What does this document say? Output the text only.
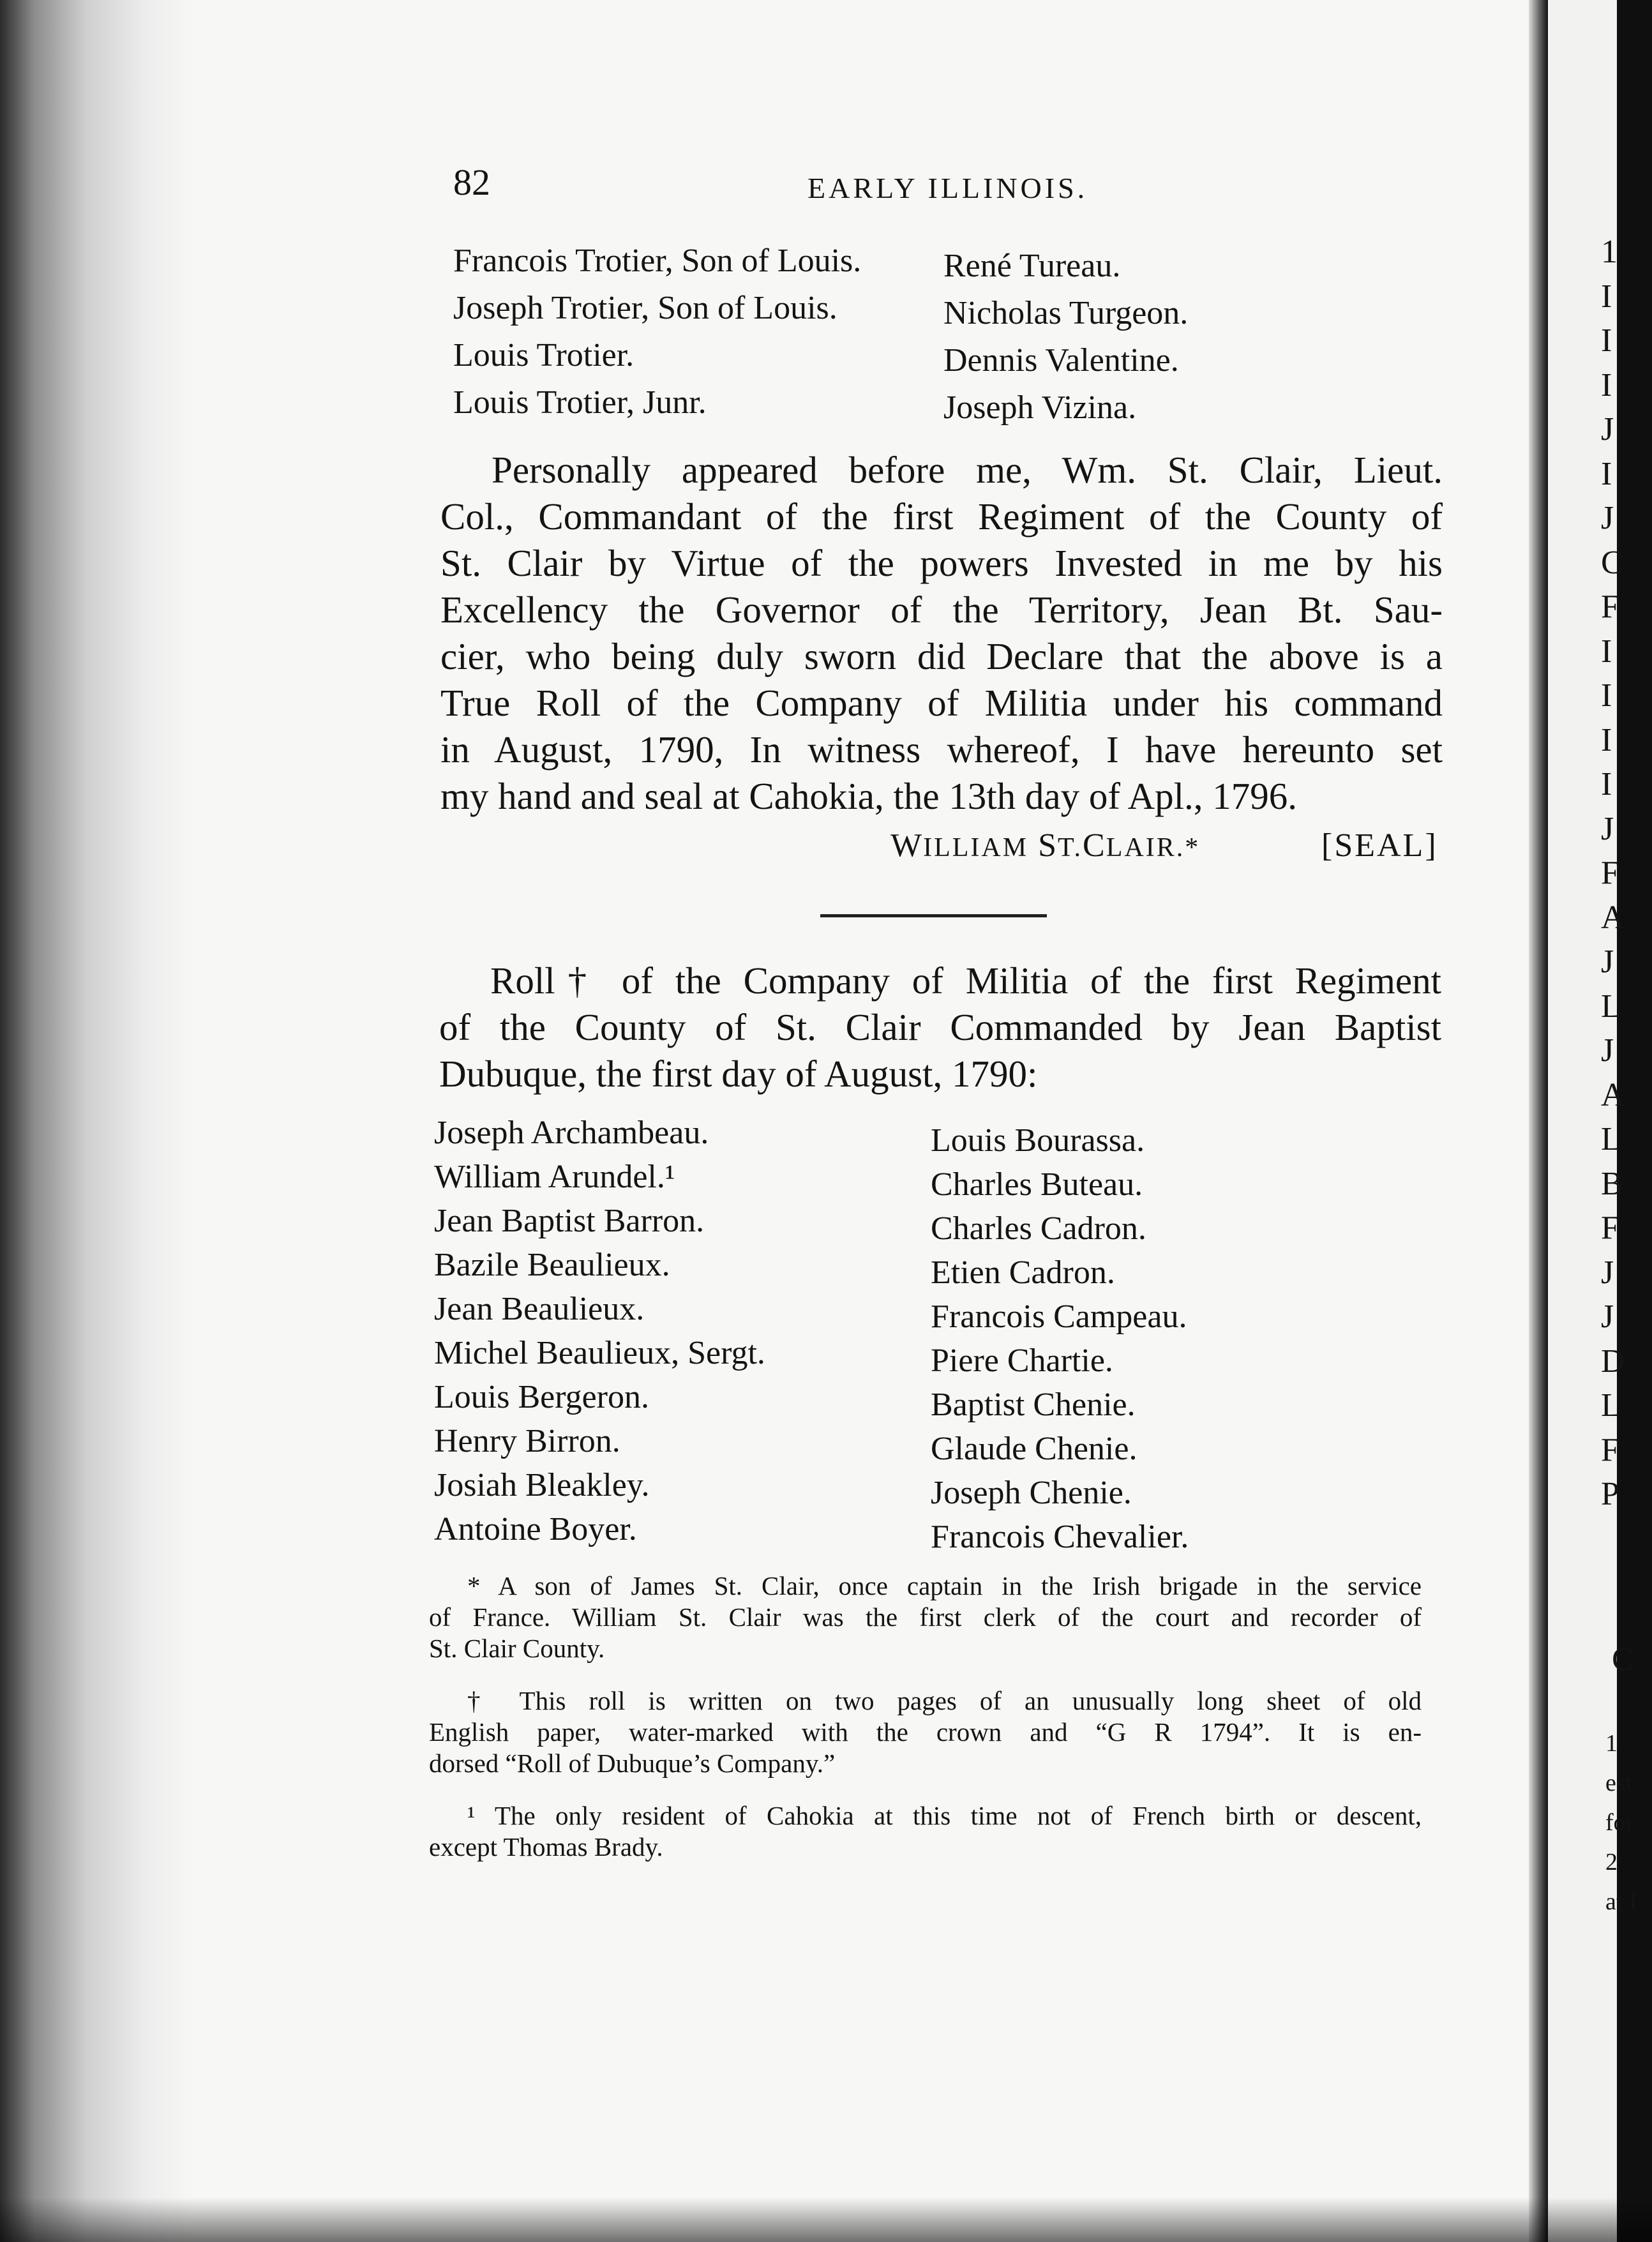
82	EARLY ILLINOIS.
Francois Trotier, Son of Louis.
Joseph Trotier, Son of Louis.
Louis Trotier.
Louis Trotier, Junr.
René Tureau.
Nicholas Turgeon.
Dennis Valentine.
Joseph Vizina.
Personally appeared before me, Wm. St. Clair, Lieut.
Col., Commandant of the first Regiment of the County of
St. Clair by Virtue of the powers Invested in me by his
Excellency the Governor of the Territory, Jean Bt. Sau-
cier, who being duly sworn did Declare that the above is a
True Roll of the Company of Militia under his command
in August, 1790, In witness whereof, I have hereunto set
my hand and seal at Cahokia, the 13th day of Apl., 1796.
WILLIAM ST.CLAIR.*	[SEAL]
Roll† of the Company of Militia of the first Regiment
of the County of St. Clair Commanded by Jean Baptist
Dubuque, the first day of August, 1790:
Joseph Archambeau.
William Arundel.¹
Jean Baptist Barron.
Bazile Beaulieux.
Jean Beaulieux.
Michel Beaulieux, Sergt.
Louis Bergeron.
Henry Birron.
Josiah Bleakley.
Antoine Boyer.
Louis Bourassa.
Charles Buteau.
Charles Cadron.
Etien Cadron.
Francois Campeau.
Piere Chartie.
Baptist Chenie.
Glaude Chenie.
Joseph Chenie.
Francois Chevalier.
* A son of James St. Clair, once captain in the Irish brigade in the service
of France. William St. Clair was the first clerk of the court and recorder of
St. Clair County.
† This roll is written on two pages of an unusually long sheet of old
English paper, water-marked with the crown and “G R 1794”. It is en-
dorsed “Roll of Dubuque’s Company.”
¹ The only resident of Cahokia at this time not of French birth or descent,
except Thomas Brady.
1
I
I
I
J
I
J
C
F
I
I
I
I
J
F
A
J
L
J
A
L
B
F
J
J
D
L
F
P
C
1
est
for
2
at I
